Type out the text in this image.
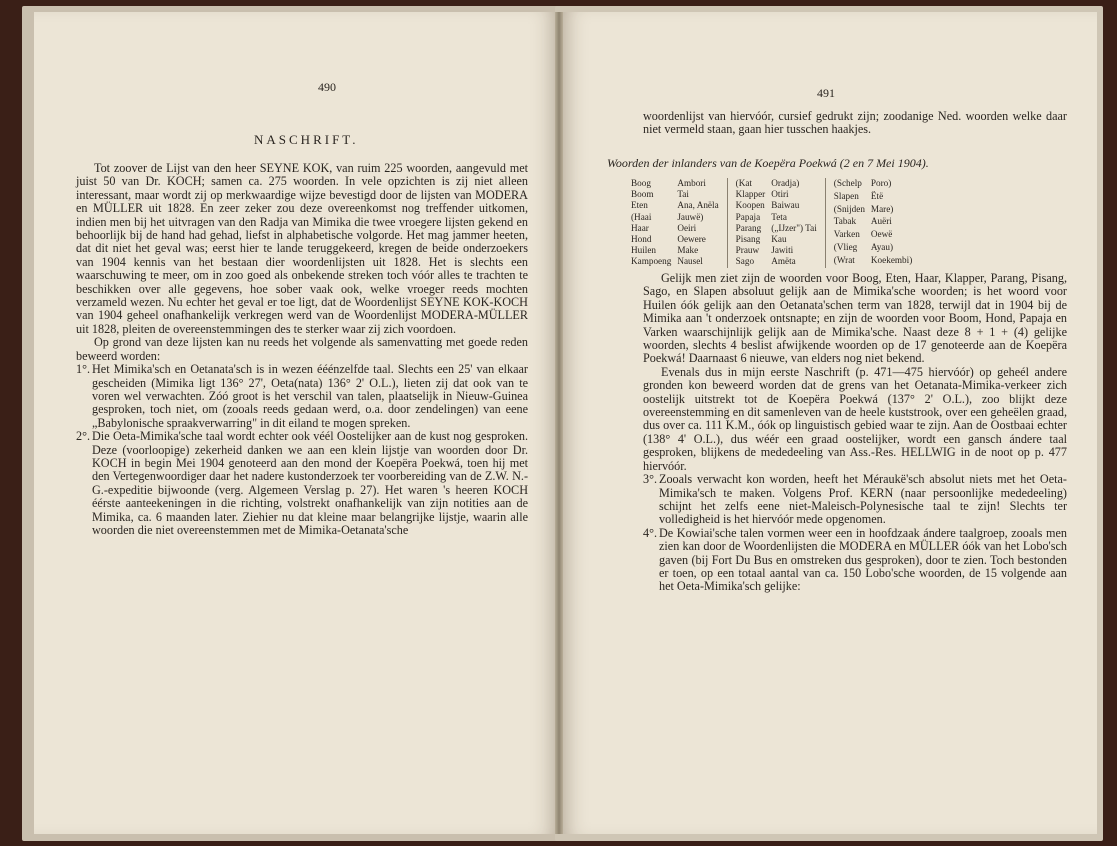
490
NASCHRIFT.

Tot zoover de Lijst van den heer SEYNE KOK, van ruim 225 woorden, aangevuld met juist 50 van Dr. KOCH; samen ca. 275 woorden. In vele opzichten is zij niet alleen interessant, maar wordt zij op merkwaardige wijze bevestigd door de lijsten van MODERA en MÜLLER uit 1828. En zeer zeker zou deze overeenkomst nog treffender uitkomen, indien men bij het uitvragen van den Radja van Mimika die twee vroegere lijsten gekend en behoorlijk bij de hand had gehad, liefst in alphabetische volgorde. Het mag jammer heeten, dat dit niet het geval was; eerst hier te lande teruggekeerd, kregen de beide onderzoekers van 1904 kennis van het bestaan dier woordenlijsten uit 1828. Het is slechts een waarschuwing te meer, om in zoo goed als onbekende streken toch vóór alles te trachten te beschikken over alle gegevens, hoe sober vaak ook, welke vroeger reeds mochten verzameld wezen. Nu echter het geval er toe ligt, dat de Woordenlijst SEYNE KOK-KOCH van 1904 geheel onafhankelijk verkregen werd van de Woordenlijst MODERA-MÜLLER uit 1828, pleiten de overeenstemmingen des te sterker waar zij zich voordoen.

Op grond van deze lijsten kan nu reeds het volgende als samenvatting met goede reden beweerd worden:

1°. Het Mimika'sch en Oetanata'sch is in wezen ééénzelfde taal. Slechts een 25' van elkaar gescheiden (Mimika ligt 136° 27', Oeta(nata) 136° 2' O.L.), lieten zij dat ook van te voren wel verwachten. Zóó groot is het verschil van talen, plaatselijk in Nieuw-Guinea gesproken, toch niet, om (zooals reeds gedaan werd, o.a. door zendelingen) van eene „Babylonische spraakverwarring" in dit eiland te mogen spreken.
2°. Die Oeta-Mimika'sche taal wordt echter ook véél Oostelijker aan de kust nog gesproken. Deze (voorloopige) zekerheid danken we aan een klein lijstje van woorden door Dr. KOCH in begin Mei 1904 genoteerd aan den mond der Koepëra Poekwá, toen hij met den Vertegenwoordiger daar het nadere kustonderzoek ter voorbereiding van de Z.W. N.-G.-expeditie bijwoonde (verg. Algemeen Verslag p. 27). Het waren 's heeren KOCH éérste aanteekeningen in die richting, volstrekt onafhankelijk van zijn notities aan de Mimika, ca. 6 maanden later. Ziehier nu dat kleine maar belangrijke lijstje, waarin alle woorden die niet overeenstemmen met de Mimika-Oetanata'sche
491

woordenlijst van hiervóór, cursief gedrukt zijn; zoodanige Ned. woorden welke daar niet vermeld staan, gaan hier tusschen haakjes.

Woorden der inlanders van de Koepëra Poekwá (2 en 7 Mei 1904).
Boog	Ambori
Boom	Tai
Eten	Ana, Anëla
(Haai	Jauwë)
Haar	Oeiri
Hond	Oewere
Huilen	Make
Kampoeng Nausel
(Kat	Oradja)
Klapper Otiri
Koopen Baiwau
Papaja	Teta
Parang	(„IJzer") Tai
Pisang	Kau
Prauw	Jawiti
Sago	Amëta
(Schelp Poro)
Slapen	Ëtë
(Snijden Mare)
Tabak	Auëri
Varken	Oewë
(Vlieg	Ayau)
(Wrat	Koekembi)

Gelijk men ziet zijn de woorden voor Boog, Eten, Haar, Klapper, Parang, Pisang, Sago, en Slapen absoluut gelijk aan de Mimika'sche woorden; is het woord voor Huilen óók gelijk aan den Oetanata'schen term van 1828, terwijl dat in 1904 bij de Mimika aan 't onderzoek ontsnapte; en zijn de woorden voor Boom, Hond, Papaja en Varken waarschijnlijk gelijk aan de Mimika'sche. Naast deze 8 + 1 + (4) gelijke woorden, slechts 4 beslist afwijkende woorden op de 17 genoteerde aan de Koepëra Poekwá! Daarnaast 6 nieuwe, van elders nog niet bekend.

Evenals dus in mijn eerste Naschrift (p. 471—475 hiervóór) op geheél andere gronden kon beweerd worden dat de grens van het Oetanata-Mimika-verkeer zich oostelijk uitstrekt tot de Koepëra Poekwá (137° 2' O.L.), zoo blijkt deze overeenstemming en dit samenleven van de heele kuststrook, over een geheëlen graad, dus over ca. 111 K.M., óók op linguistisch gebied waar te zijn. Aan de Oostbaai echter (138° 4' O.L.), dus wéér een graad oostelijker, wordt een gansch ándere taal gesproken, blijkens de mededeeling van Ass.-Res. HELLWIG in de noot op p. 477 hiervóór.

3°. Zooals verwacht kon worden, heeft het Méraukë'sch absolut niets met het Oeta-Mimika'sch te maken. Volgens Prof. KERN (naar persoonlijke mededeeling) schijnt het zelfs eene niet-Maleisch-Polynesische taal te zijn! Slechts ter volledigheid is het hiervóór mede opgenomen.
4°. De Kowiai'sche talen vormen weer een in hoofdzaak ándere taalgroep, zooals men zien kan door de Woordenlijsten die MODERA en MÜLLER óók van het Lobo'sch gaven (bij Fort Du Bus en omstreken dus gesproken), door te zien. Toch bestonden er toen, op een totaal aantal van ca. 150 Lobo'sche woorden, de 15 volgende aan het Oeta-Mimika'sch gelijke:
